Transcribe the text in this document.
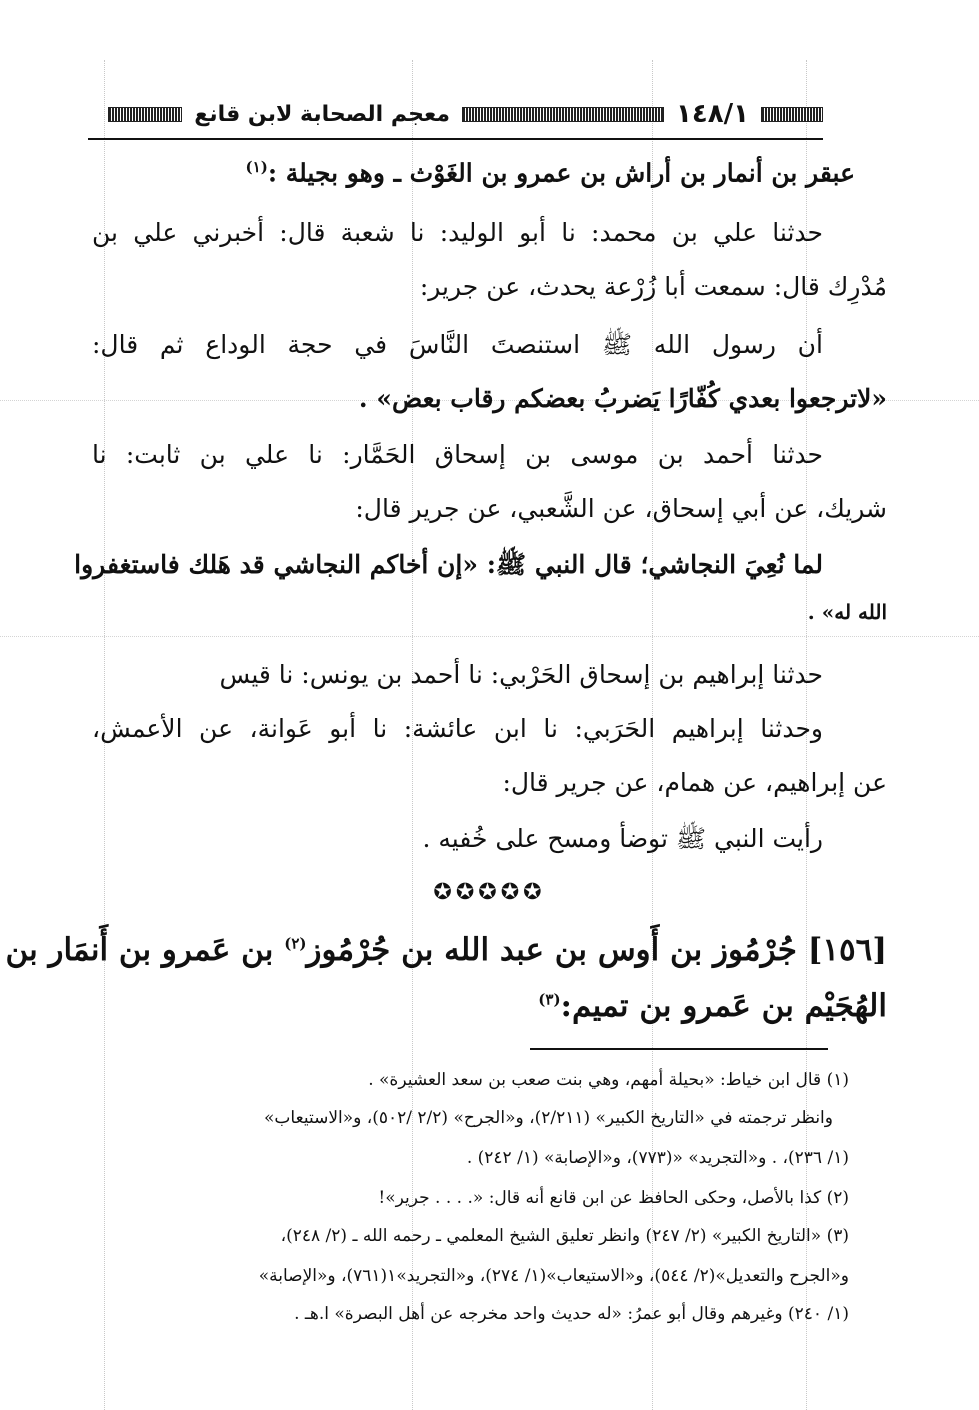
١٤٨/١
معجم الصحابة لابن قانع
عبقر بن أنمار بن أراش بن عمرو بن الغَوْث ـ وهو بجيلة :$^{(١)}$
حدثنا علي بن محمد: نا أبو الوليد: نا شعبة قال: أخبرني علي بن
مُدْرِك قال: سمعت أبا زُرْعة يحدث، عن جرير:
أن رسول الله ﷺ استنصتَ النَّاسَ في حجة الوداع ثم قال:
«لاترجعوا بعدي كُفّارًا يَضربُ بعضكم رقاب بعض» .
حدثنا أحمد بن موسى بن إسحاق الحَمَّار: نا علي بن ثابت: نا
شريك، عن أبي إسحاق، عن الشَّعبي، عن جرير قال:
لما نُعِيَ النجاشي؛ قال النبي ﷺ: «إن أخاكم النجاشي قد هَلك فاستغفروا
الله له» .
حدثنا إبراهيم بن إسحاق الحَرْبي: نا أحمد بن يونس: نا قيس
وحدثنا إبراهيم الحَرَبي: نا ابن عائشة: نا أبو عَوانة، عن الأعمش،
عن إبراهيم، عن همام، عن جرير قال:
رأيت النبي ﷺ توضأ ومسح على خُفيه .
✪✪✪✪✪
[١٥٦] جُرْمُوز بن أَوس بن عبد الله بن جُرْمُوز$^{(٢)}$ بن عَمرو بن أَنمَار بن
الهُجَيْم بن عَمرو بن تميم:$^{(٣)}$
(١) قال ابن خياط: «بحيلة أمهم، وهي بنت صعب بن سعد العشيرة» .
وانظر ترجمته في «التاريخ الكبير» (٢/٢١١)، و«الجرح» (٢/٢ /٥٠٢)، و«الاستيعاب»
(١/ ٢٣٦)، . و«التجريد» «(٧٧٣)، و«الإصابة» (١/ ٢٤٢) .
(٢) كذا بالأصل، وحكى الحافظ عن ابن قانع أنه قال: «. . . . جرير»!
(٣) «التاريخ الكبير» (٢/ ٢٤٧) وانظر تعليق الشيخ المعلمي ـ رحمه الله ـ (٢/ ٢٤٨)،
و«الجرح والتعديل»(٢/ ٥٤٤)، و«الاستيعاب»(١/ ٢٧٤)، و«التجريد»١(٧٦١)، و«الإصابة»
(١/ ٢٤٠) وغيرهم وقال أبو عمرُ: «له حديث واحد مخرجه عن أهل البصرة» ا.هـ .
